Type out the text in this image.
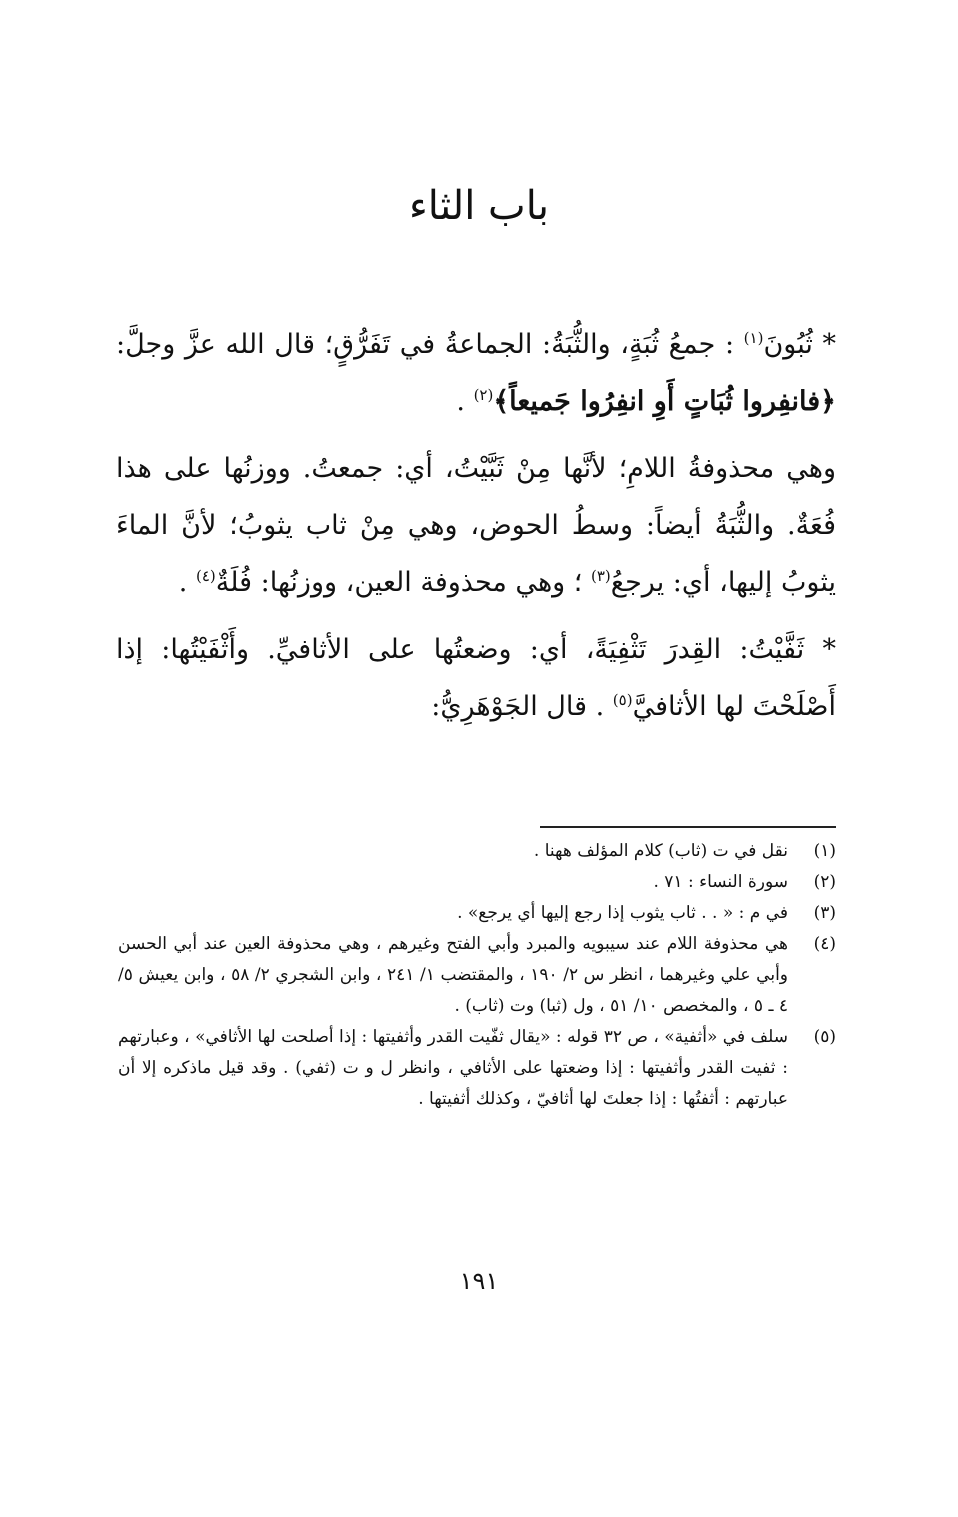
باب الثاء

* ثُبُونَ$^{(١)}$ : جمعُ ثُبَةٍ، والثُّبَةُ: الجماعةُ في تَفَرُّقٍ؛ قال الله عزَّ وجلَّ: ﴿فانفِروا ثُبَاتٍ أَوِ انفِرُوا جَميعاً﴾$^{(٢)}$ .

وهي محذوفةُ اللامِ؛ لأنَّها مِنْ ثَبَّيْتُ، أي: جمعتُ. ووزنُها على هذا فُعَةٌ. والثُّبَةُ أيضاً: وسطُ الحوض، وهي مِنْ ثاب يثوبُ؛ لأنَّ الماءَ يثوبُ إليها، أي: يرجعُ$^{(٣)}$ ؛ وهي محذوفة العين، ووزنُها: فُلَةٌ$^{(٤)}$ .

* ثَفَّيْتُ: القِدرَ تَثْفِيَةً، أي: وضعتُها على الأثافيِّ. وأَثْفَيْتُها: إذا أَصْلَحْتَ لها الأثافيَّ$^{(٥)}$ . قال الجَوْهَرِيُّ:

(١)
نقل في ت (ثاب) كلام المؤلف ههنا .
(٢)
سورة النساء : ٧١ .
(٣)
في م : « . . ثاب يثوب إذا رجع إليها أي يرجع» .
(٤)
هي محذوفة اللام عند سيبويه والمبرد وأبي الفتح وغيرهم ، وهي محذوفة العين عند أبي الحسن وأبي علي وغيرهما ، انظر س ٢/ ١٩٠ ، والمقتضب ١/ ٢٤١ ، وابن الشجري ٢/ ٥٨ ، وابن يعيش ٥/ ٤ ـ ٥ ، والمخصص ١٠/ ٥١ ، ول (ثبا) وت (ثاب) .
(٥)
سلف في «أثفية» ، ص ٣٢ قوله : «يقال ثفّيت القدر وأثفيتها : إذا أصلحت لها الأثافي» ، وعبارتهم : ثفيت القدر وأثفيتها : إذا وضعتها على الأثافي ، وانظر ل و ت (ثفي) . وقد قيل ماذكره إلا أن عبارتهم : أثفتُها : إذا جعلتَ لها أثافيّ ، وكذلك أثفيتها .
١٩١
